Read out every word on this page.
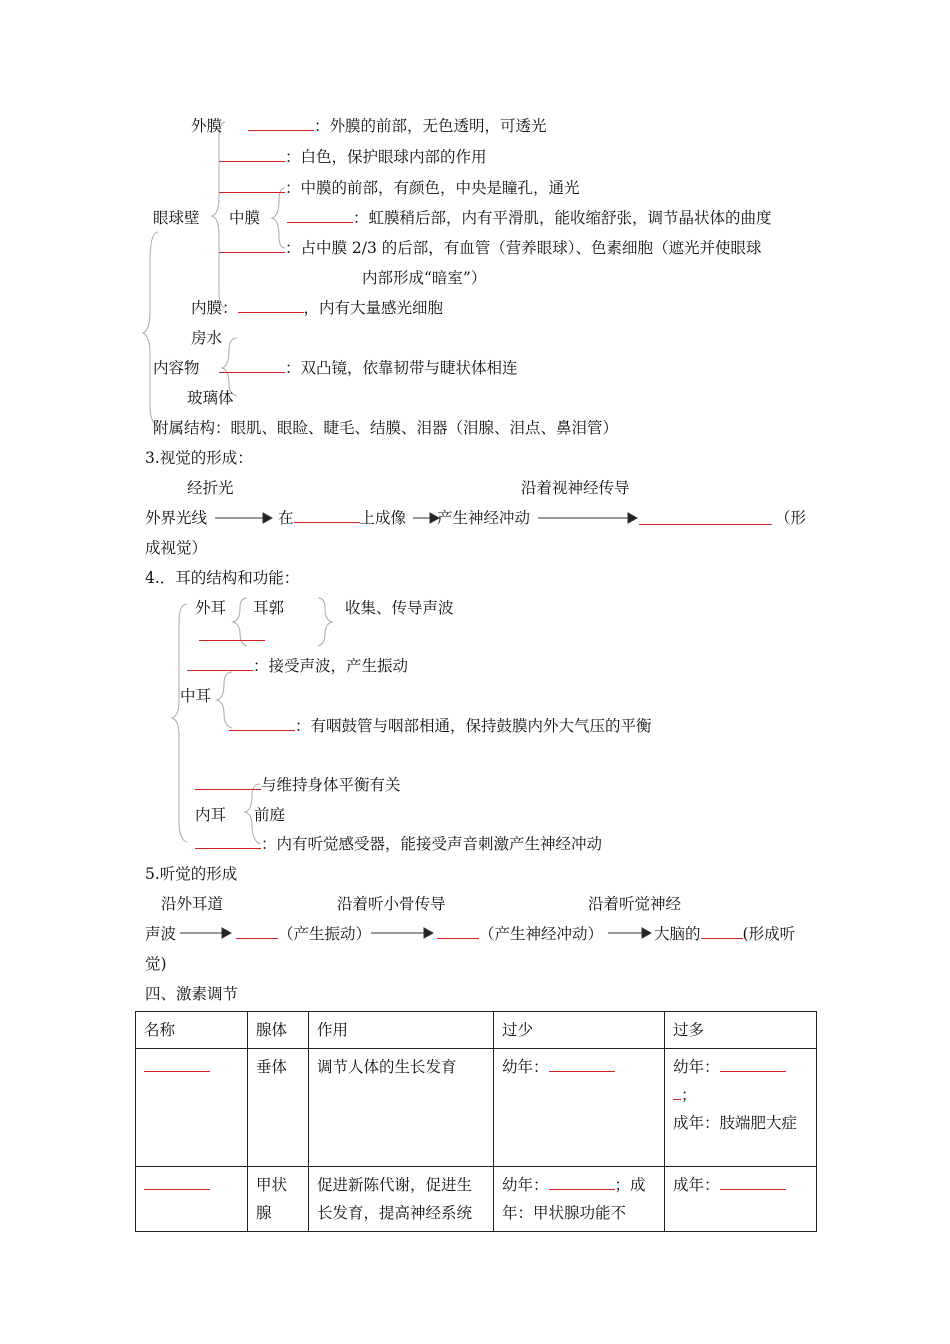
外膜	：外膜的前部，无色透明，可透光
：白色，保护眼球内部的作用
：中膜的前部，有颜色，中央是瞳孔，通光
眼球壁 中膜	：虹膜稍后部，内有平滑肌，能收缩舒张，调节晶状体的曲度
：占中膜 2/3 的后部，有血管（营养眼球）、色素细胞（遮光并使眼球
内部形成“暗室”）
内膜：	，内有大量感光细胞
房水
内容物	：双凸镜，依靠韧带与睫状体相连
玻璃体
附属结构：眼肌、眼睑、睫毛、结膜、泪器（泪腺、泪点、鼻泪管）
3.视觉的形成：
经折光	沿着视神经传导
外界光线	在	上成像 产生神经冲动	（形
成视觉）
4.．耳的结构和功能：
外耳 耳郭	收集、传导声波
：接受声波，产生振动
中耳
：有咽鼓管与咽部相通，保持鼓膜内外大气压的平衡
与维持身体平衡有关
内耳 前庭
：内有听觉感受器，能接受声音刺激产生神经冲动
5.听觉的形成
沿外耳道	沿着听小骨传导	沿着听觉神经
声波	（产生振动）	（产生神经冲动）	大脑的	(形成听
觉)
四、激素调节
名称	腺体	作用	过少	过多
	垂体	调节人体的生长发育	幼年：	幼年：
；
成年：肢端肥大症
	甲状腺	促进新陈代谢，促进生长发育，提高神经系统	幼年： ；成年：甲状腺功能不	成年：
